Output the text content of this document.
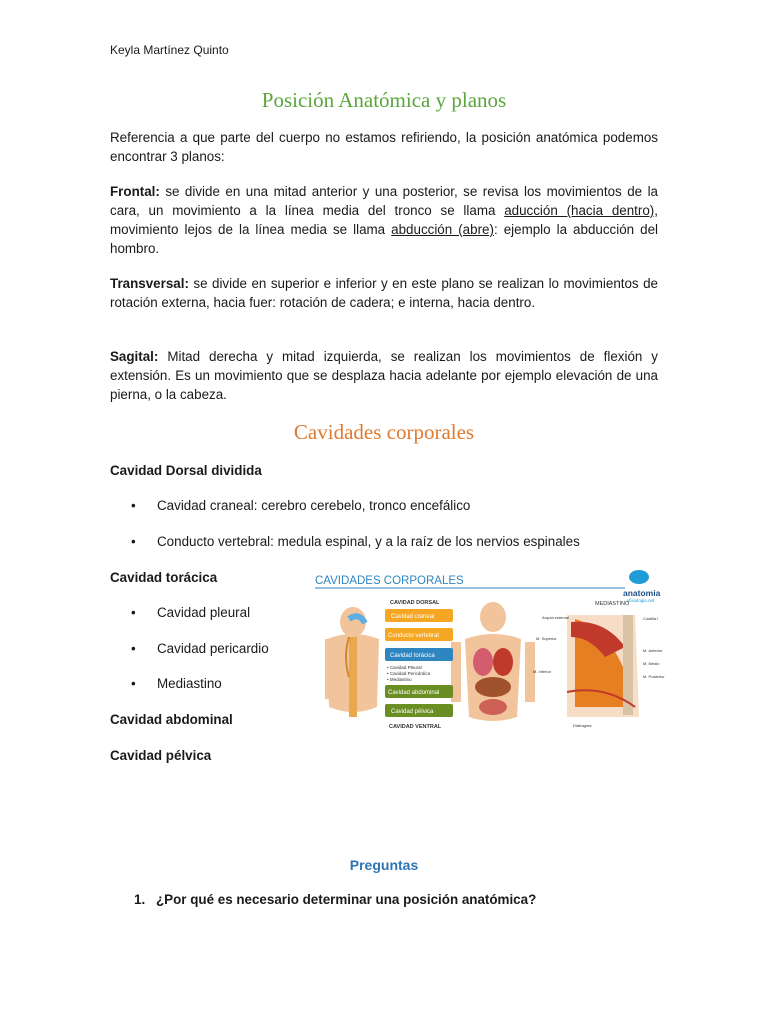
Keyla Martínez Quinto
Posición Anatómica y planos
Referencia a que parte del cuerpo no estamos refiriendo, la posición anatómica podemos encontrar 3 planos:
Frontal: se divide en una mitad anterior y una posterior, se revisa los movimientos de la cara, un movimiento a la línea media del tronco se llama aducción (hacia dentro), movimiento lejos de la línea media se llama abducción (abre): ejemplo la abducción del hombro.
Transversal: se divide en superior e inferior y en este plano se realizan lo movimientos de rotación externa, hacia fuer: rotación de cadera; e interna, hacia dentro.
Sagital: Mitad derecha y mitad izquierda, se realizan los movimientos de flexión y extensión. Es un movimiento que se desplaza hacia adelante por ejemplo elevación de una pierna, o la cabeza.
Cavidades corporales
Cavidad Dorsal dividida
• Cavidad craneal: cerebro cerebelo, tronco encefálico
• Conducto vertebral: medula espinal, y a la raíz de los nervios espinales
Cavidad torácica
• Cavidad pleural
• Cavidad pericardio
• Mediastino
Cavidad abdominal
Cavidad pélvica
CAVIDADES CORPORALES
anatomia
yfisiologia.net
CAVIDAD DORSAL
Cavidad craneal
Conducto vertebral
Cavidad torácica
• Cavidad Pleural
• Cavidad Pericárdica
• Mediastino
Cavidad abdominal
Cavidad pélvica
CAVIDAD VENTRAL
MEDIASTINO
Arquia esternal
M. Superior
M. Inferior
Diafragma
Costilla I
M. Anterior
M. Medio
M. Posterior
Preguntas
1. ¿Por qué es necesario determinar una posición anatómica?
